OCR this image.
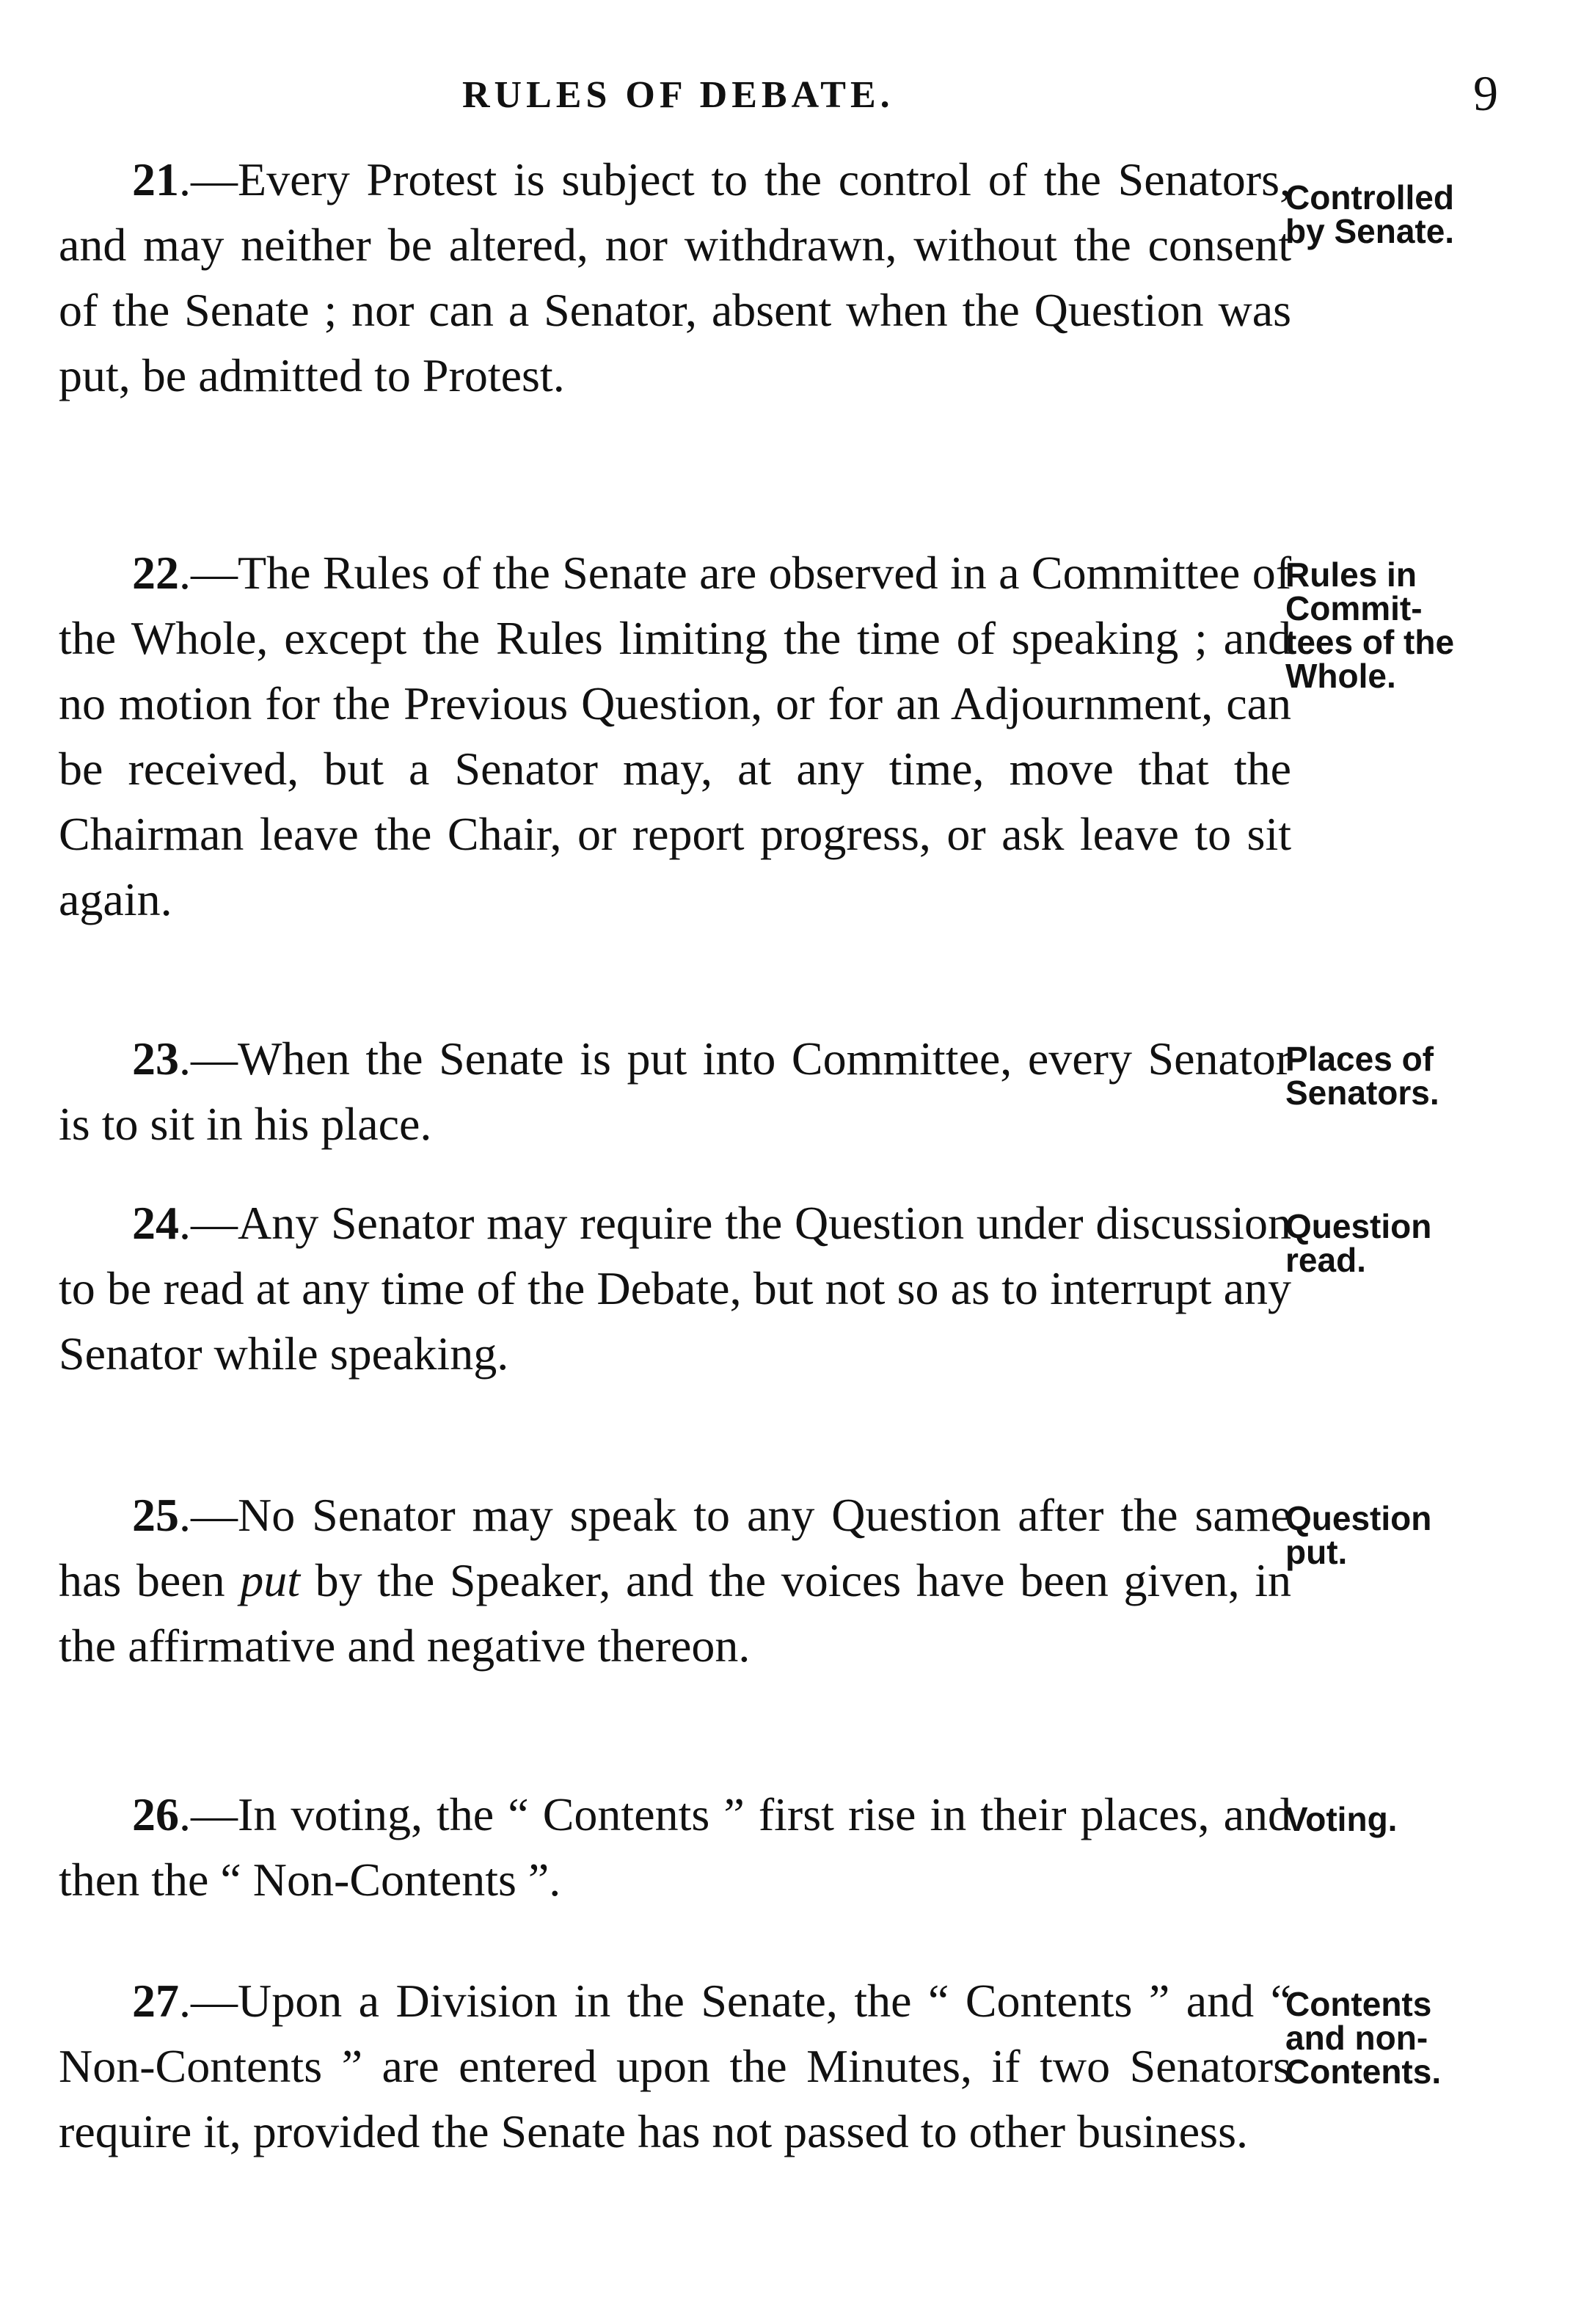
RULES OF DEBATE.	9

21.—Every Protest is subject to the control of the Senators, and may neither be altered, nor withdrawn, without the consent of the Senate ; nor can a Senator, absent when the Question was put, be admitted to Protest.

Controlled
by Senate.

22.—The Rules of the Senate are observed in a Committee of the Whole, except the Rules limiting the time of speaking ; and no motion for the Previous Question, or for an Adjournment, can be received, but a Senator may, at any time, move that the Chairman leave the Chair, or report progress, or ask leave to sit again.

Rules in
Commit-
tees of the
Whole.

23.—When the Senate is put into Committee, every Senator is to sit in his place.

Places of
Senators.

24.—Any Senator may require the Question under discussion to be read at any time of the Debate, but not so as to interrupt any Senator while speaking.

Question
read.

25.—No Senator may speak to any Question after the same has been put by the Speaker, and the voices have been given, in the affirmative and negative thereon.

Question
put.

26.—In voting, the “ Contents ” first rise in their places, and then the “ Non-Contents ”.

Voting.

27.—Upon a Division in the Senate, the “ Contents ” and “ Non-Contents ” are entered upon the Minutes, if two Senators require it, provided the Senate has not passed to other business.

Contents
and non-
Contents.
